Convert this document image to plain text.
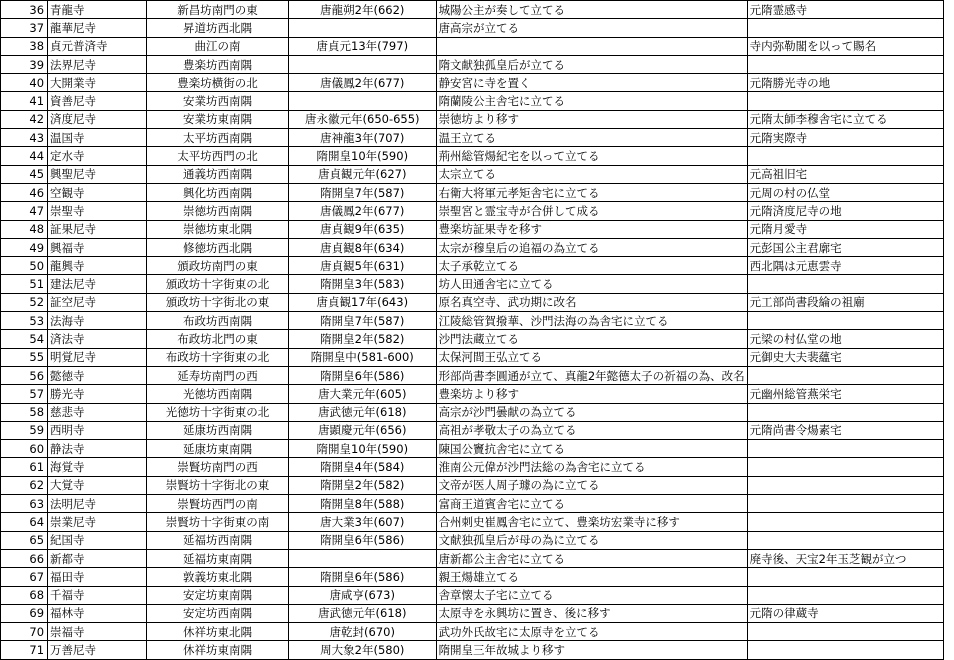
36	青龍寺	新昌坊南門の東	唐龍朔2年(662)	城陽公主が奏して立てる	元隋霊感寺	
37	龍華尼寺	昇道坊西北隅		唐高宗が立てる		
38	貞元普済寺	曲江の南	唐貞元13年(797)		寺内弥勒閣を以って賜名	
39	法界尼寺	豊楽坊西南隅		隋文献独孤皇后が立てる		
40	大開業寺	豊楽坊横街の北	唐儀鳳2年(677)	静安宮に寺を置く	元隋勝光寺の地	
41	資善尼寺	安業坊西南隅		隋蘭陵公主舎宅に立てる		
42	済度尼寺	安業坊東南隅	唐永徽元年(650-655)	崇徳坊より移す	元隋太師李穆舎宅に立てる	
43	温国寺	太平坊西南隅	唐神龍3年(707)	温王立てる	元隋実際寺	
44	定水寺	太平坊西門の北	隋開皇10年(590)	荊州総管煬紀宅を以って立てる		
45	興聖尼寺	通義坊西南隅	唐貞観元年(627)	太宗立てる	元高祖旧宅	
46	空観寺	興化坊西南隅	隋開皇7年(587)	右衛大将軍元孝矩舎宅に立てる	元周の村の仏堂	
47	崇聖寺	崇徳坊西南隅	唐儀鳳2年(677)	崇聖宮と霊宝寺が合併して成る	元隋済度尼寺の地	
48	証果尼寺	崇徳坊東北隅	唐貞観9年(635)	豊楽坊証果寺を移す	元隋月愛寺	
49	興福寺	修徳坊西北隅	唐貞観8年(634)	太宗が穆皇后の追福の為立てる	元彭国公主君廓宅	
50	龍興寺	頒政坊南門の東	唐貞観5年(631)	太子承乾立てる	西北隅は元恵雲寺	
51	建法尼寺	頒政坊十字街東の北	隋開皇3年(583)	坊人田通舎宅に立てる		
52	証空尼寺	頒政坊十字街北の東	唐貞観17年(643)	原名真空寺、武功期に改名	元工部尚書段綸の祖廟	
53	法海寺	布政坊西南隅	隋開皇7年(587)	江陵総管賀撥華、沙門法海の為舎宅に立てる		
54	済法寺	布政坊北門の東	隋開皇2年(582)	沙門法蔵立てる	元梁の村仏堂の地	
55	明覚尼寺	布政坊十字街東の北	隋開皇中(581-600)	太保河間王弘立てる	元御史大夫裴蘊宅	
56	懿徳寺	延寿坊南門の西	隋開皇6年(586)	形部尚書李圓通が立て、真龍2年懿德太子の祈福の為、改名		
57	勝光寺	光徳坊西南隅	唐大業元年(605)	豊楽坊より移す	元幽州総管燕栄宅	
58	慈悲寺	光徳坊十字街東の北	唐武徳元年(618)	高宗が沙門曇献の為立てる		
59	西明寺	延康坊西南隅	唐顕慶元年(656)	高祖が孝敬太子の為立てる	元隋尚書令煬素宅	
60	静法寺	延康坊東南隅	隋開皇10年(590)	陳国公竇抗舎宅に立てる		
61	海覚寺	崇賢坊南門の西	隋開皇4年(584)	淮南公元偉が沙門法総の為舎宅に立てる		
62	大覚寺	崇賢坊十字街北の東	隋開皇2年(582)	文帝が医人周子璩の為に立てる		
63	法明尼寺	崇賢坊西門の南	隋開皇8年(588)	富商王道賓舎宅に立てる		
64	崇業尼寺	崇賢坊十字街東の南	唐大業3年(607)	合州刺史崔鳳舎宅に立て、豊楽坊宏業寺に移す		
65	紀国寺	延福坊西南隅	隋開皇6年(586)	文献独孤皇后が母の為に立てる		
66	新都寺	延福坊東南隅		唐新都公主舎宅に立てる	廃寺後、天宝2年玉芝観が立つ	
67	福田寺	敦義坊東北隅	隋開皇6年(586)	親王煬雄立てる		
68	千福寺	安定坊東南隅	唐咸亨(673)	舎章懐太子宅に立てる		
69	福林寺	安定坊西南隅	唐武徳元年(618)	太原寺を永興坊に置き、後に移す	元隋の律蔵寺	
70	崇福寺	休祥坊東北隅	唐乾封(670)	武功外氏故宅に太原寺を立てる		
71	万善尼寺	休祥坊東南隅	周大象2年(580)	隋開皇三年故城より移す		
